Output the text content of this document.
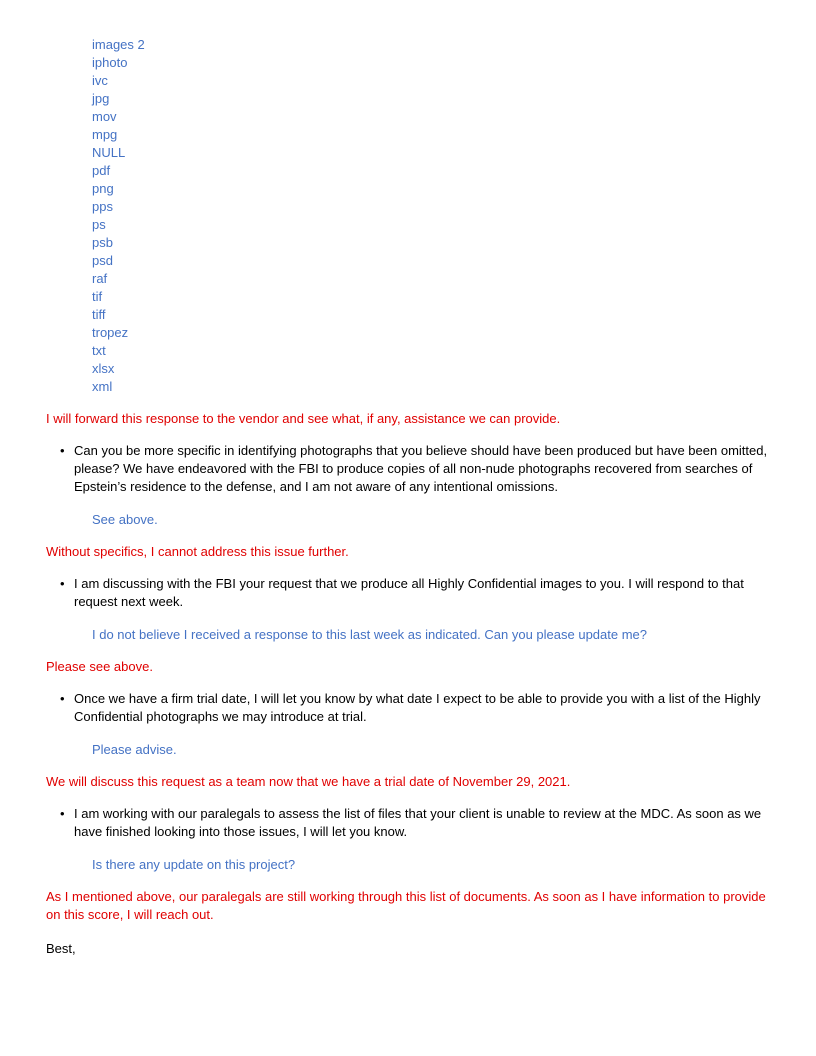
images 2
iphoto
ivc
jpg
mov
mpg
NULL
pdf
png
pps
ps
psb
psd
raf
tif
tiff
tropez
txt
xlsx
xml

I will forward this response to the vendor and see what, if any, assistance we can provide.

• Can you be more specific in identifying photographs that you believe should have been produced but have been omitted, please? We have endeavored with the FBI to produce copies of all non-nude photographs recovered from searches of Epstein’s residence to the defense, and I am not aware of any intentional omissions.

See above.

Without specifics, I cannot address this issue further.

• I am discussing with the FBI your request that we produce all Highly Confidential images to you. I will respond to that request next week.

I do not believe I received a response to this last week as indicated. Can you please update me?

Please see above.

• Once we have a firm trial date, I will let you know by what date I expect to be able to provide you with a list of the Highly Confidential photographs we may introduce at trial.

Please advise.

We will discuss this request as a team now that we have a trial date of November 29, 2021.

• I am working with our paralegals to assess the list of files that your client is unable to review at the MDC. As soon as we have finished looking into those issues, I will let you know.

Is there any update on this project?

As I mentioned above, our paralegals are still working through this list of documents. As soon as I have information to provide on this score, I will reach out.

Best,
